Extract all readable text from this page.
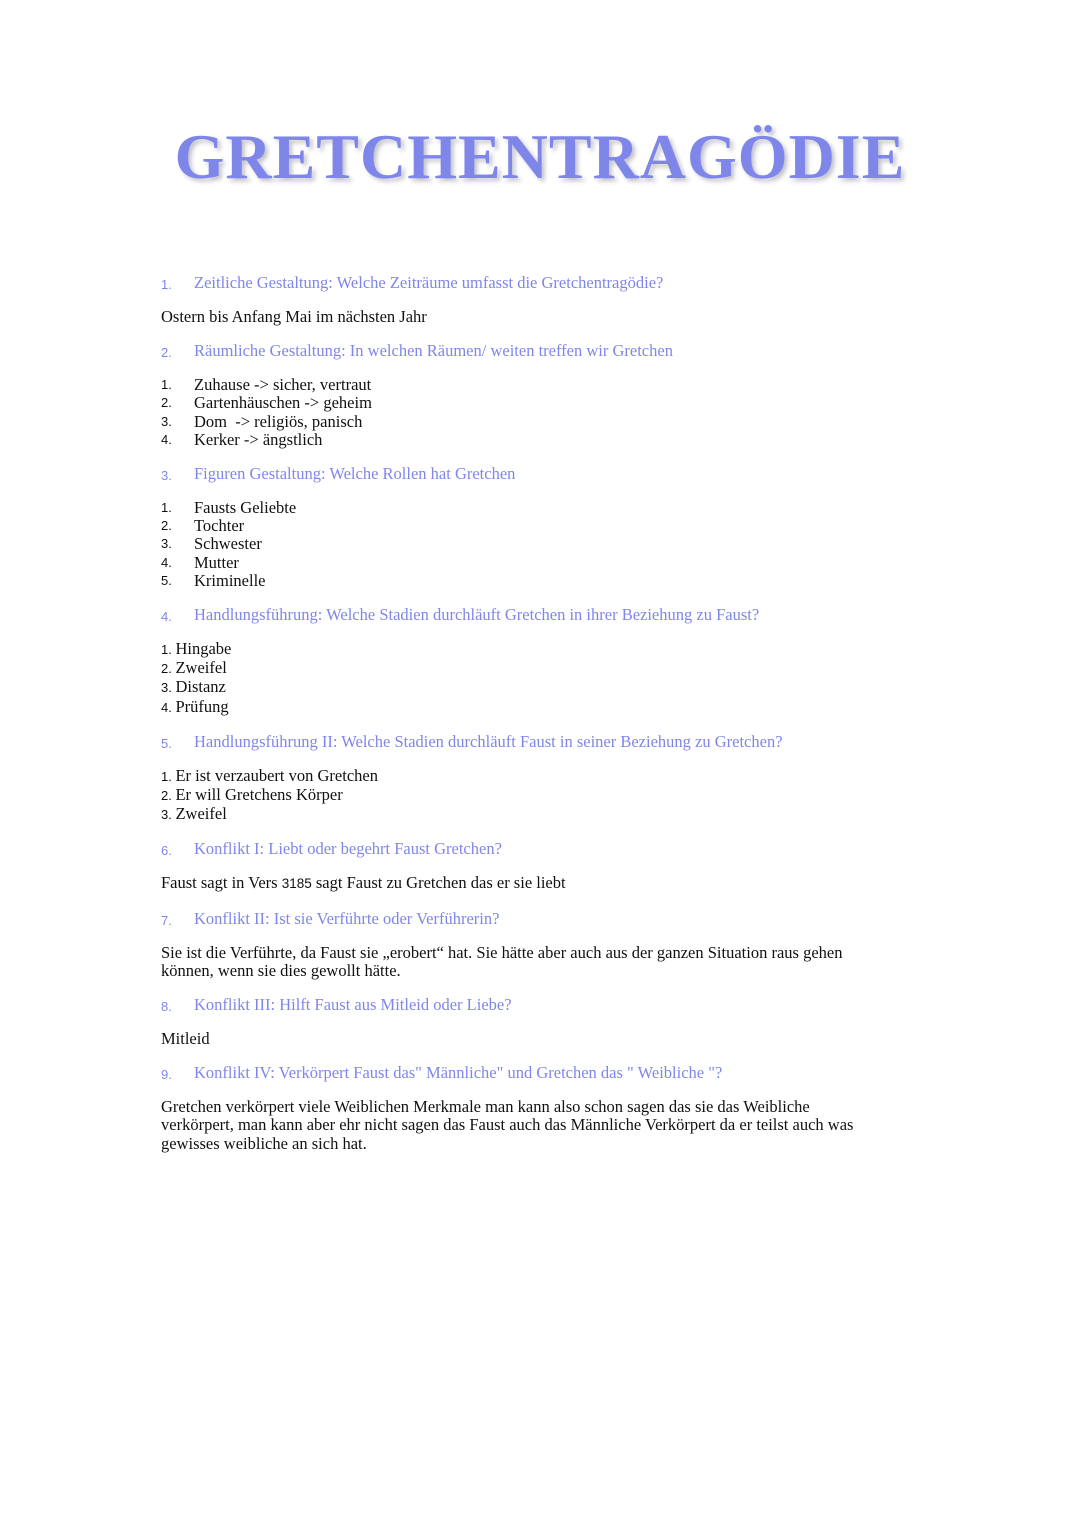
GRETCHENTRAGÖDIE
1.	Zeitliche Gestaltung: Welche Zeiträume umfasst die Gretchentragödie?

Ostern bis Anfang Mai im nächsten Jahr

2.	Räumliche Gestaltung: In welchen Räumen/ weiten treffen wir Gretchen
1.	Zuhause -> sicher, vertraut
2.	Gartenhäuschen -> geheim
3.	Dom  -> religiös, panisch
4.	Kerker -> ängstlich
3.	Figuren Gestaltung: Welche Rollen hat Gretchen
1.	Fausts Geliebte
2.	Tochter
3.	Schwester
4.	Mutter
5.	Kriminelle
4.	Handlungsführung: Welche Stadien durchläuft Gretchen in ihrer Beziehung zu Faust?
1. Hingabe
2. Zweifel
3. Distanz
4. Prüfung
5.	Handlungsführung II: Welche Stadien durchläuft Faust in seiner Beziehung zu Gretchen?
1. Er ist verzaubert von Gretchen
2. Er will Gretchens Körper
3. Zweifel
6.	Konflikt I: Liebt oder begehrt Faust Gretchen?

Faust sagt in Vers 3185 sagt Faust zu Gretchen das er sie liebt

7.	Konflikt II: Ist sie Verführte oder Verführerin?

Sie ist die Verführte, da Faust sie „erobert“ hat. Sie hätte aber auch aus der ganzen Situation raus gehen
können, wenn sie dies gewollt hätte.

8.	Konflikt III: Hilft Faust aus Mitleid oder Liebe?

Mitleid

9.	Konflikt IV: Verkörpert Faust das" Männliche" und Gretchen das " Weibliche "?

Gretchen verkörpert viele Weiblichen Merkmale man kann also schon sagen das sie das Weibliche
verkörpert, man kann aber ehr nicht sagen das Faust auch das Männliche Verkörpert da er teilst auch was
gewisses weibliche an sich hat.
